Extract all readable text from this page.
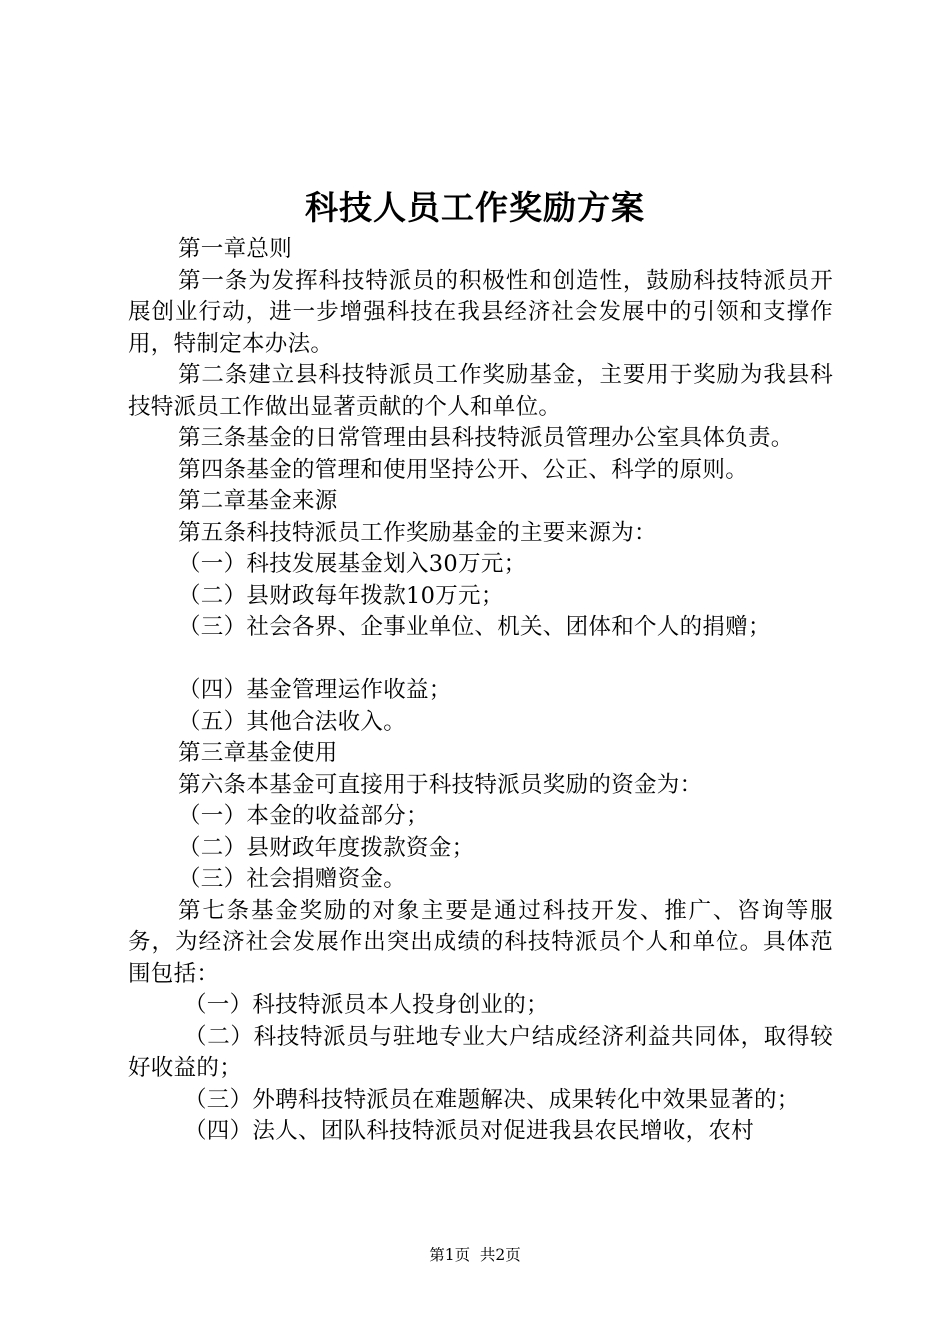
科技人员工作奖励方案

第一章总则

第一条为发挥科技特派员的积极性和创造性，鼓励科技特派员开展创业行动，进一步增强科技在我县经济社会发展中的引领和支撑作用，特制定本办法。

第二条建立县科技特派员工作奖励基金，主要用于奖励为我县科技特派员工作做出显著贡献的个人和单位。

第三条基金的日常管理由县科技特派员管理办公室具体负责。

第四条基金的管理和使用坚持公开、公正、科学的原则。

第二章基金来源

第五条科技特派员工作奖励基金的主要来源为：

（一）科技发展基金划入30万元；

（二）县财政每年拨款10万元；

（三）社会各界、企事业单位、机关、团体和个人的捐赠；

（四）基金管理运作收益；

（五）其他合法收入。

第三章基金使用

第六条本基金可直接用于科技特派员奖励的资金为：

（一）本金的收益部分；

（二）县财政年度拨款资金；

（三）社会捐赠资金。

第七条基金奖励的对象主要是通过科技开发、推广、咨询等服务，为经济社会发展作出突出成绩的科技特派员个人和单位。具体范围包括：

（一）科技特派员本人投身创业的；

（二）科技特派员与驻地专业大户结成经济利益共同体，取得较好收益的；

（三）外聘科技特派员在难题解决、成果转化中效果显著的；

（四）法人、团队科技特派员对促进我县农民增收，农村

第1页  共2页
